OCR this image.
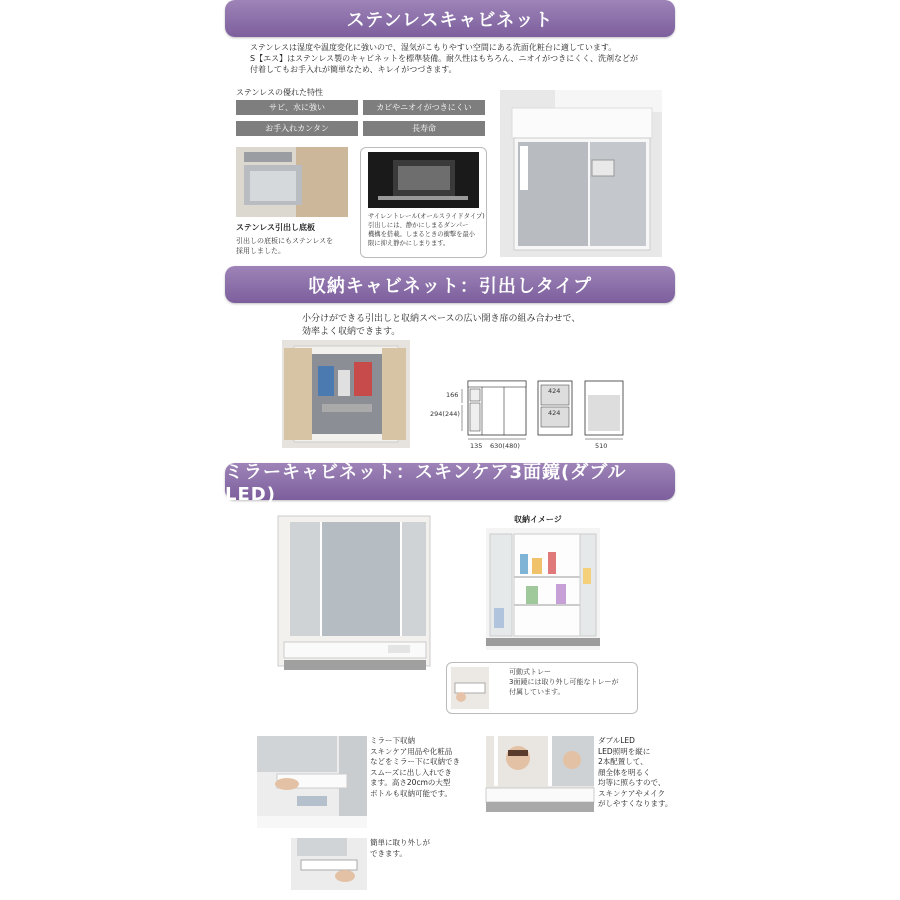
ステンレスキャビネット
ステンレスは湿度や温度変化に強いので、湿気がこもりやすい空間にある洗面化粧台に適しています。
S【エス】はステンレス製のキャビネットを標準装備。耐久性はもちろん、ニオイがつきにくく、洗剤などが
付着してもお手入れが簡単なため、キレイがつづきます。
ステンレスの優れた特性
サビ、水に強い	カビやニオイがつきにくい
お手入れカンタン	長寿命
ステンレス引出し底板
引出しの底板にもステンレスを
採用しました。
サイレントレール(オールスライドタイプ)
引出しには、静かにしまるダンパー
機構を搭載。しまるときの衝撃を最小
限に抑え静かにしまります。
収納キャビネット：引出しタイプ
小分けができる引出しと収納スペースの広い開き扉の組み合わせで、
効率よく収納できます。
166
294(244)
135 630(480)
424
424
510
ミラーキャビネット：スキンケア3面鏡(ダブルLED)
収納イメージ
可動式トレー
3面鏡には取り外し可能なトレーが
付属しています。
ミラー下収納
スキンケア用品や化粧品
などをミラー下に収納でき
スムーズに出し入れでき
ます。高さ20cmの大型
ボトルも収納可能です。
ダブルLED
LED照明を縦に
2本配置して、
顔全体を明るく
均等に照らすので、
スキンケアやメイク
がしやすくなります。
簡単に取り外しが
できます。
